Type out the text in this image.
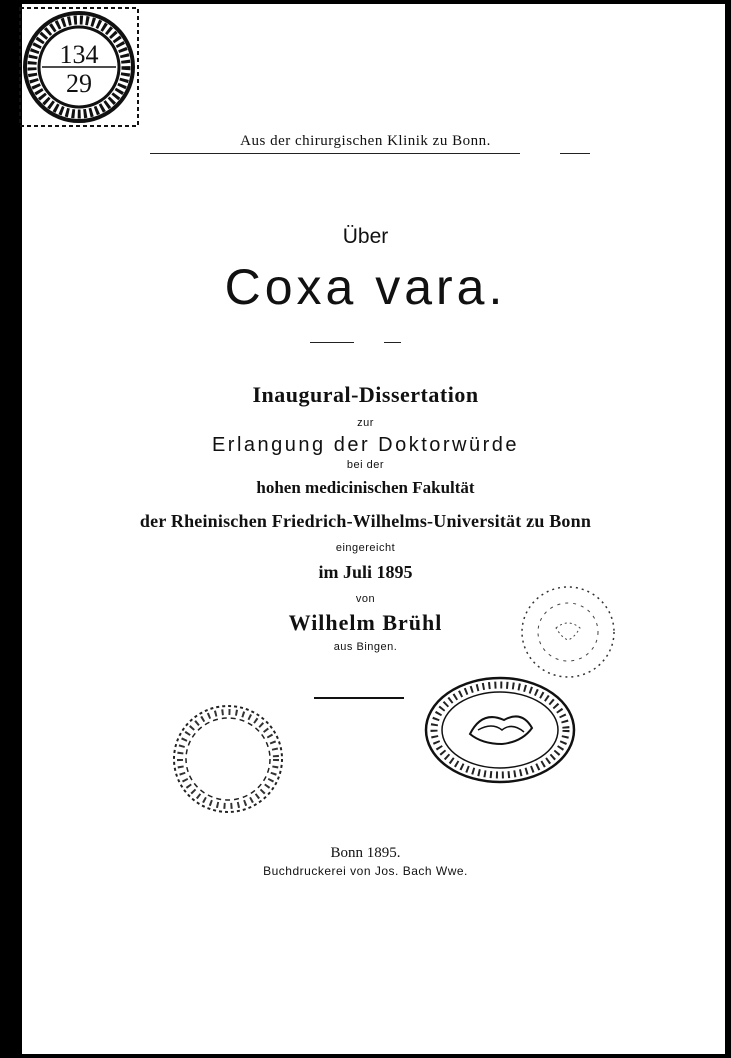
134
29
Aus der chirurgischen Klinik zu Bonn.
Über
Coxa vara.
Inaugural-Dissertation
zur
Erlangung der Doktorwürde
bei der
hohen medicinischen Fakultät
der Rheinischen Friedrich-Wilhelms-Universität zu Bonn
eingereicht
im Juli 1895
von
Wilhelm Brühl
aus Bingen.
Bonn 1895.
Buchdruckerei von Jos. Bach Wwe.
